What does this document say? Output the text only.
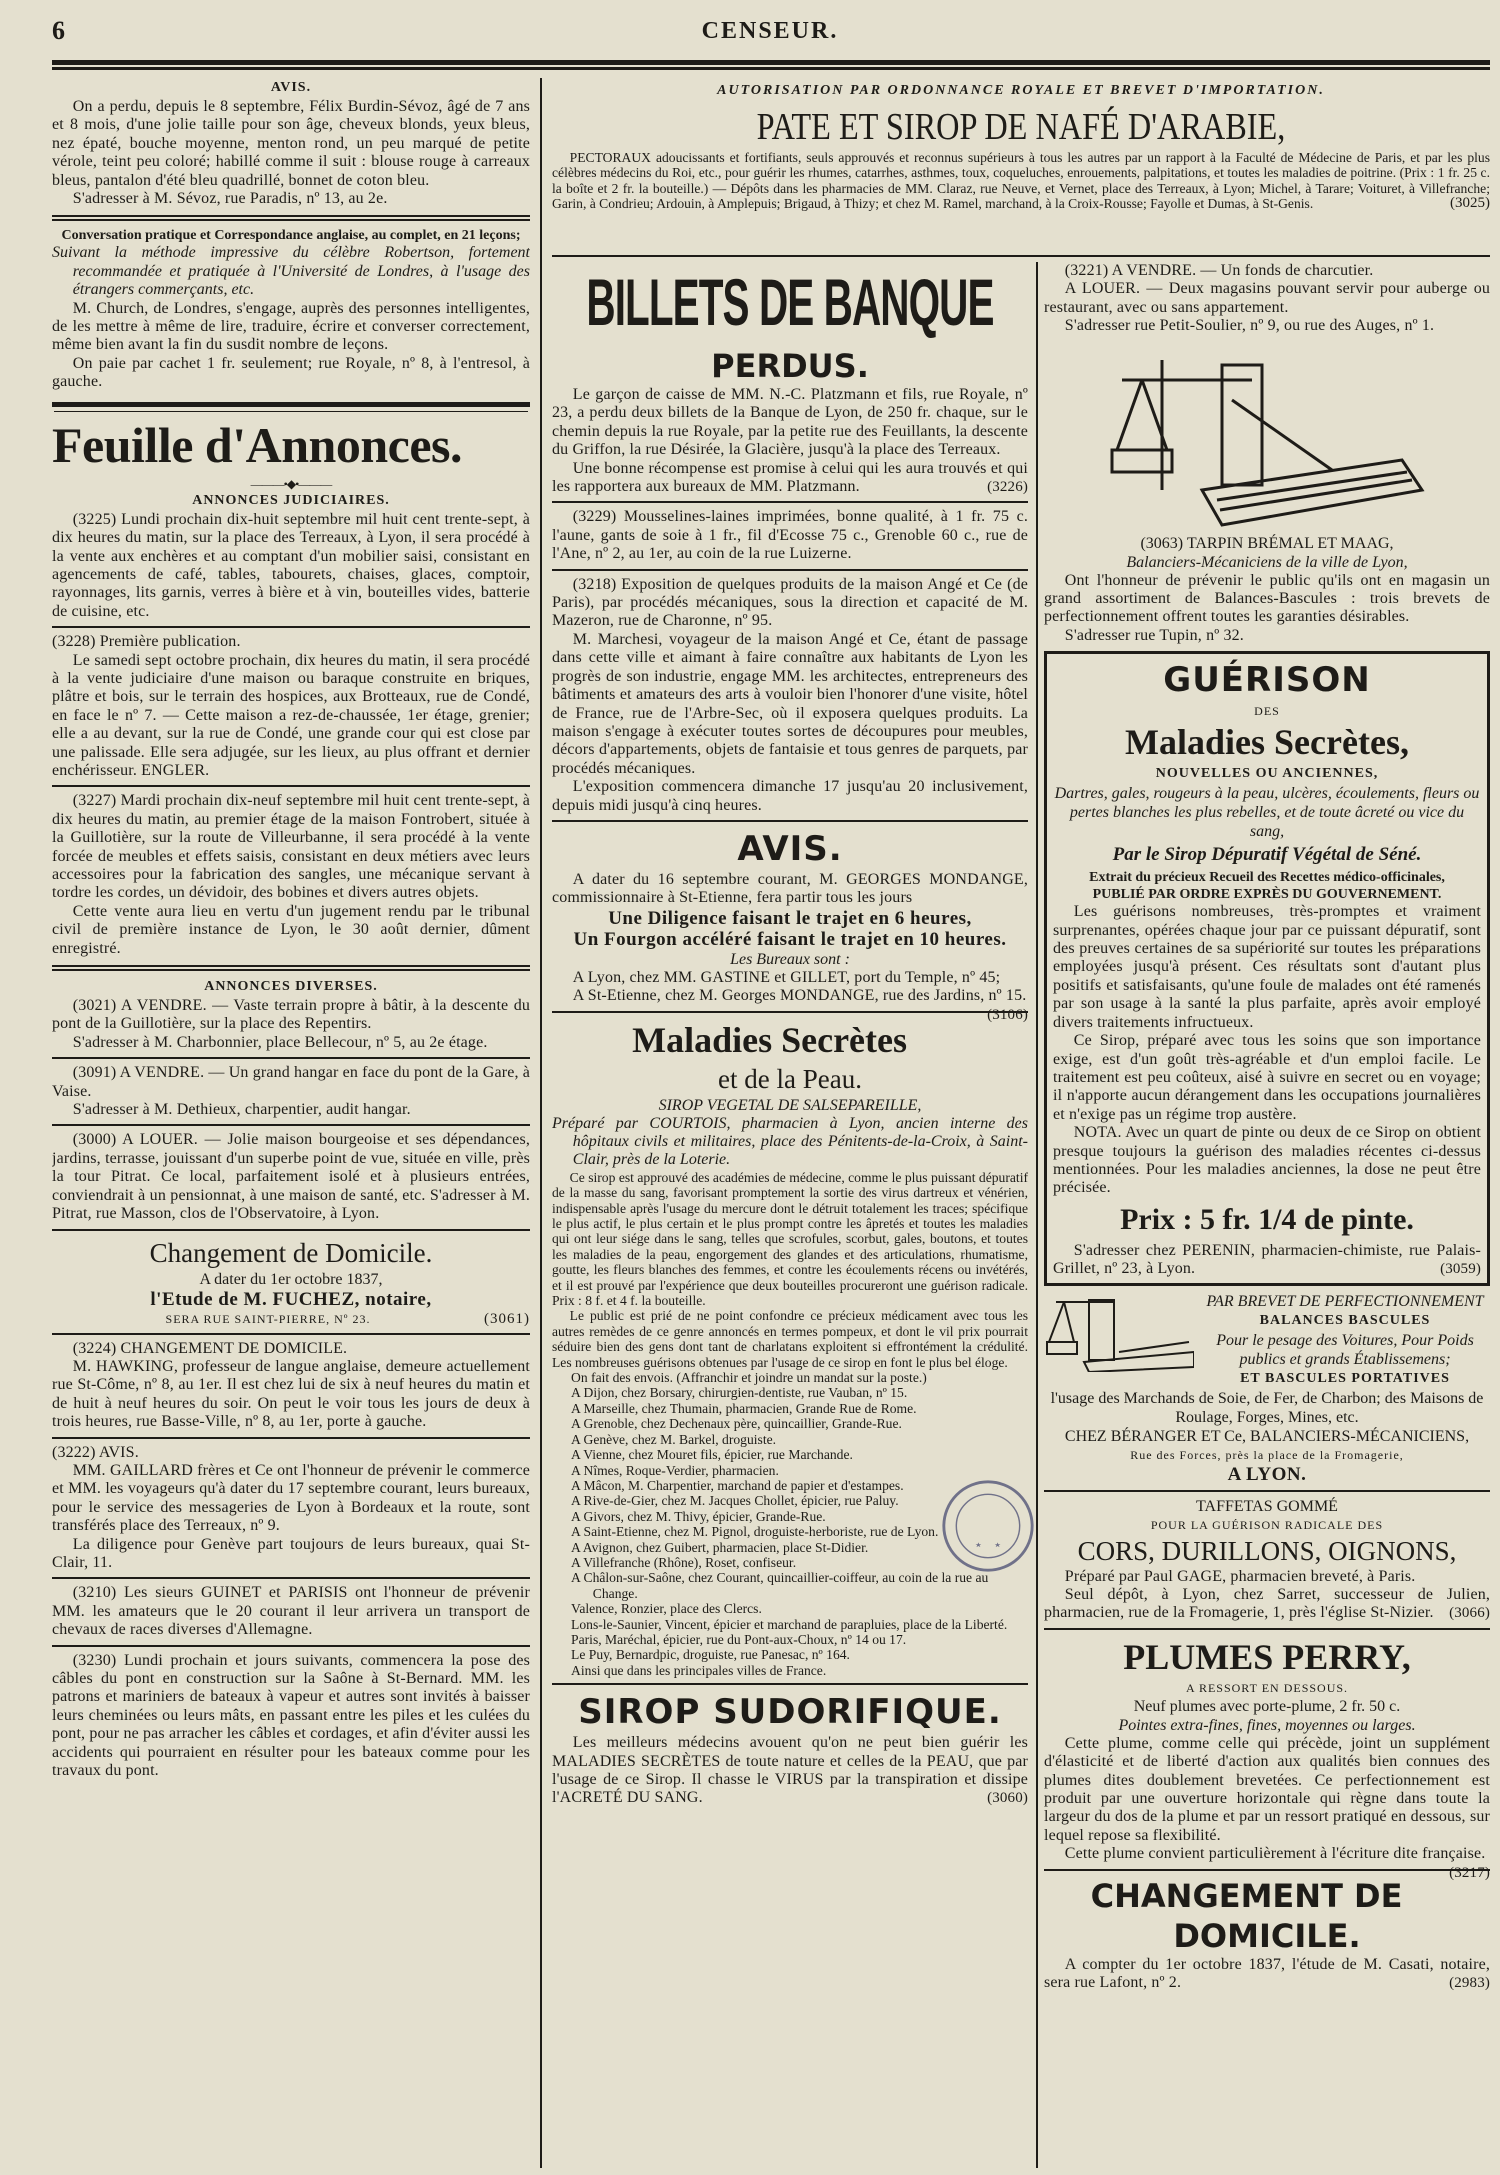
6	CENSEUR.
AVIS.
On a perdu, depuis le 8 septembre, Félix Burdin-Sévoz, âgé de 7 ans et 8 mois, d'une jolie taille pour son âge, cheveux blonds, yeux bleus, nez épaté, bouche moyenne, menton rond, un peu marqué de petite vérole, teint peu coloré; habillé comme il suit : blouse rouge à carreaux bleus, pantalon d'été bleu quadrillé, bonnet de coton bleu.
S'adresser à M. Sévoz, rue Paradis, nº 13, au 2e.
Conversation pratique et Correspondance anglaise, au complet, en 21 leçons;
Suivant la méthode impressive du célèbre Robertson, fortement recommandée et pratiquée à l'Université de Londres, à l'usage des étrangers commerçants, etc.
M. Church, de Londres, s'engage, auprès des personnes intelligentes, de les mettre à même de lire, traduire, écrire et converser correctement, même bien avant la fin du susdit nombre de leçons.
On paie par cachet 1 fr. seulement; rue Royale, nº 8, à l'entresol, à gauche.
Feuille d'Annonces.
———•◆•———
ANNONCES JUDICIAIRES.
(3225) Lundi prochain dix-huit septembre mil huit cent trente-sept, à dix heures du matin, sur la place des Terreaux, à Lyon, il sera procédé à la vente aux enchères et au comptant d'un mobilier saisi, consistant en agencements de café, tables, tabourets, chaises, glaces, comptoir, rayonnages, lits garnis, verres à bière et à vin, bouteilles vides, batterie de cuisine, etc.
(3228) Première publication.
Le samedi sept octobre prochain, dix heures du matin, il sera procédé à la vente judiciaire d'une maison ou baraque construite en briques, plâtre et bois, sur le terrain des hospices, aux Brotteaux, rue de Condé, en face le nº 7. — Cette maison a rez-de-chaussée, 1er étage, grenier; elle a au devant, sur la rue de Condé, une grande cour qui est close par une palissade. Elle sera adjugée, sur les lieux, au plus offrant et dernier enchérisseur. ENGLER.
(3227) Mardi prochain dix-neuf septembre mil huit cent trente-sept, à dix heures du matin, au premier étage de la maison Fontrobert, située à la Guillotière, sur la route de Villeurbanne, il sera procédé à la vente forcée de meubles et effets saisis, consistant en deux métiers avec leurs accessoires pour la fabrication des sangles, une mécanique servant à tordre les cordes, un dévidoir, des bobines et divers autres objets.
Cette vente aura lieu en vertu d'un jugement rendu par le tribunal civil de première instance de Lyon, le 30 août dernier, dûment enregistré.
ANNONCES DIVERSES.
(3021) A VENDRE. — Vaste terrain propre à bâtir, à la descente du pont de la Guillotière, sur la place des Repentirs.
S'adresser à M. Charbonnier, place Bellecour, nº 5, au 2e étage.
(3091) A VENDRE. — Un grand hangar en face du pont de la Gare, à Vaise.
S'adresser à M. Dethieux, charpentier, audit hangar.
(3000) A LOUER. — Jolie maison bourgeoise et ses dépendances, jardins, terrasse, jouissant d'un superbe point de vue, située en ville, près la tour Pitrat. Ce local, parfaitement isolé et à plusieurs entrées, conviendrait à un pensionnat, à une maison de santé, etc. S'adresser à M. Pitrat, rue Masson, clos de l'Observatoire, à Lyon.
Changement de Domicile.
A dater du 1er octobre 1837,
l'Etude de M. FUCHEZ, notaire,
SERA RUE SAINT-PIERRE, Nº 23.	(3061)
(3224) CHANGEMENT DE DOMICILE.
M. HAWKING, professeur de langue anglaise, demeure actuellement rue St-Côme, nº 8, au 1er. Il est chez lui de six à neuf heures du matin et de huit à neuf heures du soir. On peut le voir tous les jours de deux à trois heures, rue Basse-Ville, nº 8, au 1er, porte à gauche.
(3222) AVIS.
MM. GAILLARD frères et Ce ont l'honneur de prévenir le commerce et MM. les voyageurs qu'à dater du 17 septembre courant, leurs bureaux, pour le service des messageries de Lyon à Bordeaux et la route, sont transférés place des Terreaux, nº 9.
La diligence pour Genève part toujours de leurs bureaux, quai St-Clair, 11.
(3210) Les sieurs GUINET et PARISIS ont l'honneur de prévenir MM. les amateurs que le 20 courant il leur arrivera un transport de chevaux de races diverses d'Allemagne.
(3230) Lundi prochain et jours suivants, commencera la pose des câbles du pont en construction sur la Saône à St-Bernard. MM. les patrons et mariniers de bateaux à vapeur et autres sont invités à baisser leurs cheminées ou leurs mâts, en passant entre les piles et les culées du pont, pour ne pas arracher les câbles et cordages, et afin d'éviter aussi les accidents qui pourraient en résulter pour les bateaux comme pour les travaux du pont.
AUTORISATION PAR ORDONNANCE ROYALE ET BREVET D'IMPORTATION.
PATE ET SIROP DE NAFÉ D'ARABIE,
PECTORAUX adoucissants et fortifiants, seuls approuvés et reconnus supérieurs à tous les autres par un rapport à la Faculté de Médecine de Paris, et par les plus célèbres médecins du Roi, etc., pour guérir les rhumes, catarrhes, asthmes, toux, coqueluches, enrouements, palpitations, et toutes les maladies de poitrine. (Prix : 1 fr. 25 c. la boîte et 2 fr. la bouteille.) — Dépôts dans les pharmacies de MM. Claraz, rue Neuve, et Vernet, place des Terreaux, à Lyon; Michel, à Tarare; Voituret, à Villefranche; Garin, à Condrieu; Ardouin, à Amplepuis; Brigaud, à Thizy; et chez M. Ramel, marchand, à la Croix-Rousse; Fayolle et Dumas, à St-Genis.	(3025)
BILLETS DE BANQUE
PERDUS.
Le garçon de caisse de MM. N.-C. Platzmann et fils, rue Royale, nº 23, a perdu deux billets de la Banque de Lyon, de 250 fr. chaque, sur le chemin depuis la rue Royale, par la petite rue des Feuillants, la descente du Griffon, la rue Désirée, la Glacière, jusqu'à la place des Terreaux.
Une bonne récompense est promise à celui qui les aura trouvés et qui les rapportera aux bureaux de MM. Platzmann.	(3226)
(3229) Mousselines-laines imprimées, bonne qualité, à 1 fr. 75 c. l'aune, gants de soie à 1 fr., fil d'Ecosse 75 c., Grenoble 60 c., rue de l'Ane, nº 2, au 1er, au coin de la rue Luizerne.
(3218) Exposition de quelques produits de la maison Angé et Ce (de Paris), par procédés mécaniques, sous la direction et capacité de M. Mazeron, rue de Charonne, nº 95.
M. Marchesi, voyageur de la maison Angé et Ce, étant de passage dans cette ville et aimant à faire connaître aux habitants de Lyon les progrès de son industrie, engage MM. les architectes, entrepreneurs des bâtiments et amateurs des arts à vouloir bien l'honorer d'une visite, hôtel de France, rue de l'Arbre-Sec, où il exposera quelques produits. La maison s'engage à exécuter toutes sortes de découpures pour meubles, décors d'appartements, objets de fantaisie et tous genres de parquets, par procédés mécaniques.
L'exposition commencera dimanche 17 jusqu'au 20 inclusivement, depuis midi jusqu'à cinq heures.
AVIS.
A dater du 16 septembre courant, M. GEORGES MONDANGE, commissionnaire à St-Etienne, fera partir tous les jours
Une Diligence faisant le trajet en 6 heures,
Un Fourgon accéléré faisant le trajet en 10 heures.
Les Bureaux sont :
A Lyon, chez MM. GASTINE et GILLET, port du Temple, nº 45;
A St-Etienne, chez M. Georges MONDANGE, rue des Jardins, nº 15.
(3106)
Maladies Secrètes
et de la Peau.
SIROP VEGETAL DE SALSEPAREILLE,
Préparé par COURTOIS, pharmacien à Lyon, ancien interne des hôpitaux civils et militaires, place des Pénitents-de-la-Croix, à Saint-Clair, près de la Loterie.
Ce sirop est approuvé des académies de médecine, comme le plus puissant dépuratif de la masse du sang, favorisant promptement la sortie des virus dartreux et vénérien, indispensable après l'usage du mercure dont le détruit totalement les traces; spécifique le plus actif, le plus certain et le plus prompt contre les âpretés et toutes les maladies qui ont leur siége dans le sang, telles que scrofules, scorbut, gales, boutons, et toutes les maladies de la peau, engorgement des glandes et des articulations, rhumatisme, goutte, les fleurs blanches des femmes, et contre les écoulements récens ou invétérés, et il est prouvé par l'expérience que deux bouteilles procureront une guérison radicale. Prix : 8 f. et 4 f. la bouteille.
Le public est prié de ne point confondre ce précieux médicament avec tous les autres remèdes de ce genre annoncés en termes pompeux, et dont le vil prix pourrait séduire bien des gens dont tant de charlatans exploitent si effrontément la crédulité. Les nombreuses guérisons obtenues par l'usage de ce sirop en font le plus bel éloge.
On fait des envois. (Affranchir et joindre un mandat sur la poste.)
A Dijon, chez Borsary, chirurgien-dentiste, rue Vauban, nº 15.
A Marseille, chez Thumain, pharmacien, Grande Rue de Rome.
A Grenoble, chez Dechenaux père, quincaillier, Grande-Rue.
A Genève, chez M. Barkel, droguiste.
A Vienne, chez Mouret fils, épicier, rue Marchande.
A Nîmes, Roque-Verdier, pharmacien.
A Mâcon, M. Charpentier, marchand de papier et d'estampes.
A Rive-de-Gier, chez M. Jacques Chollet, épicier, rue Paluy.
A Givors, chez M. Thivy, épicier, Grande-Rue.
A Saint-Etienne, chez M. Pignol, droguiste-herboriste, rue de Lyon.
A Avignon, chez Guibert, pharmacien, place St-Didier.
A Villefranche (Rhône), Roset, confiseur.
A Châlon-sur-Saône, chez Courant, quincaillier-coiffeur, au coin de la rue au Change.
Valence, Ronzier, place des Clercs.
Lons-le-Saunier, Vincent, épicier et marchand de parapluies, place de la Liberté.
Paris, Maréchal, épicier, rue du Pont-aux-Choux, nº 14 ou 17.
Le Puy, Bernardpic, droguiste, rue Panesac, nº 164.
Ainsi que dans les principales villes de France.
SIROP SUDORIFIQUE.
Les meilleurs médecins avouent qu'on ne peut bien guérir les MALADIES SECRÈTES de toute nature et celles de la PEAU, que par l'usage de ce Sirop. Il chasse le VIRUS par la transpiration et dissipe l'ACRETÉ DU SANG.	(3060)
(3221) A VENDRE. — Un fonds de charcutier.
A LOUER. — Deux magasins pouvant servir pour auberge ou restaurant, avec ou sans appartement.
S'adresser rue Petit-Soulier, nº 9, ou rue des Auges, nº 1.
(3063) TARPIN BRÉMAL ET MAAG,
Balanciers-Mécaniciens de la ville de Lyon,
Ont l'honneur de prévenir le public qu'ils ont en magasin un grand assortiment de Balances-Bascules : trois brevets de perfectionnement offrent toutes les garanties désirables.
S'adresser rue Tupin, nº 32.
GUÉRISON
DES
Maladies Secrètes,
NOUVELLES OU ANCIENNES,
Dartres, gales, rougeurs à la peau, ulcères, écoulements, fleurs ou pertes blanches les plus rebelles, et de toute âcreté ou vice du sang,
Par le Sirop Dépuratif Végétal de Séné.
Extrait du précieux Recueil des Recettes médico-officinales,
PUBLIÉ PAR ORDRE EXPRÈS DU GOUVERNEMENT.
Les guérisons nombreuses, très-promptes et vraiment surprenantes, opérées chaque jour par ce puissant dépuratif, sont des preuves certaines de sa supériorité sur toutes les préparations employées jusqu'à présent. Ces résultats sont d'autant plus positifs et satisfaisants, qu'une foule de malades ont été ramenés par son usage à la santé la plus parfaite, après avoir employé divers traitements infructueux.
Ce Sirop, préparé avec tous les soins que son importance exige, est d'un goût très-agréable et d'un emploi facile. Le traitement est peu coûteux, aisé à suivre en secret ou en voyage; il n'apporte aucun dérangement dans les occupations journalières et n'exige pas un régime trop austère.
NOTA. Avec un quart de pinte ou deux de ce Sirop on obtient presque toujours la guérison des maladies récentes ci-dessus mentionnées. Pour les maladies anciennes, la dose ne peut être précisée.
Prix : 5 fr. 1/4 de pinte.
S'adresser chez PERENIN, pharmacien-chimiste, rue Palais-Grillet, nº 23, à Lyon.	(3059)
PAR BREVET DE PERFECTIONNEMENT
BALANCES BASCULES
Pour le pesage des Voitures, Pour Poids publics et grands Établissemens;
ET BASCULES PORTATIVES
l'usage des Marchands de Soie, de Fer, de Charbon; des Maisons de Roulage, Forges, Mines, etc.
CHEZ BÉRANGER ET Ce, BALANCIERS-MÉCANICIENS,
Rue des Forces, près la place de la Fromagerie,
A LYON.
TAFFETAS GOMMÉ
POUR LA GUÉRISON RADICALE DES
CORS, DURILLONS, OIGNONS,
Préparé par Paul GAGE, pharmacien breveté, à Paris.
Seul dépôt, à Lyon, chez Sarret, successeur de Julien, pharmacien, rue de la Fromagerie, 1, près l'église St-Nizier. (3066)
PLUMES PERRY,
A RESSORT EN DESSOUS.
Neuf plumes avec porte-plume, 2 fr. 50 c.
Pointes extra-fines, fines, moyennes ou larges.
Cette plume, comme celle qui précède, joint un supplément d'élasticité et de liberté d'action aux qualités bien connues des plumes dites doublement brevetées. Ce perfectionnement est produit par une ouverture horizontale qui règne dans toute la largeur du dos de la plume et par un ressort pratiqué en dessous, sur lequel repose sa flexibilité.
Cette plume convient particulièrement à l'écriture dite française.
(3217)
CHANGEMENT DE DOMICILE.
A compter du 1er octobre 1837, l'étude de M. Casati, notaire, sera rue Lafont, nº 2.	(2983)
